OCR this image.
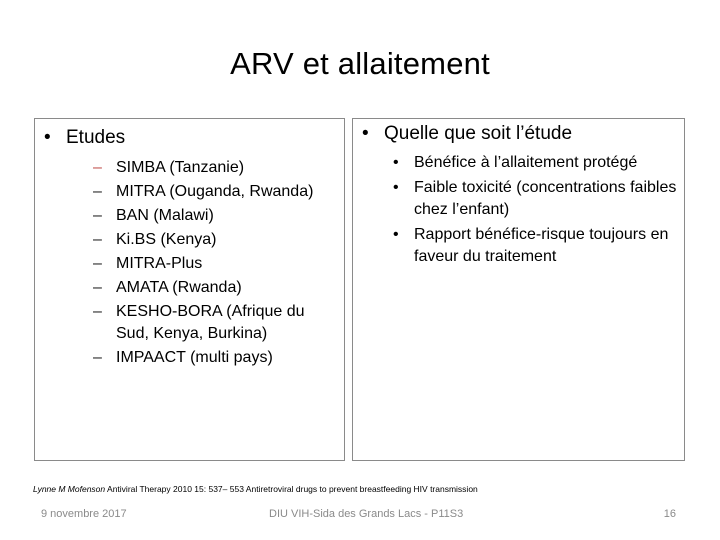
ARV et allaitement
• Etudes
– SIMBA (Tanzanie)
– MITRA (Ouganda, Rwanda)
– BAN (Malawi)
– Ki.BS (Kenya)
– MITRA-Plus
– AMATA (Rwanda)
– KESHO-BORA (Afrique du Sud, Kenya, Burkina)
– IMPAACT (multi pays)
• Quelle que soit l’étude
• Bénéfice à l’allaitement protégé
• Faible toxicité (concentrations faibles chez l’enfant)
• Rapport bénéfice-risque toujours en faveur du traitement
Lynne M Mofenson Antiviral Therapy 2010 15: 537– 553 Antiretroviral drugs to prevent breastfeeding HIV transmission
9 novembre 2017	DIU VIH-Sida des Grands Lacs - P11S3	16
